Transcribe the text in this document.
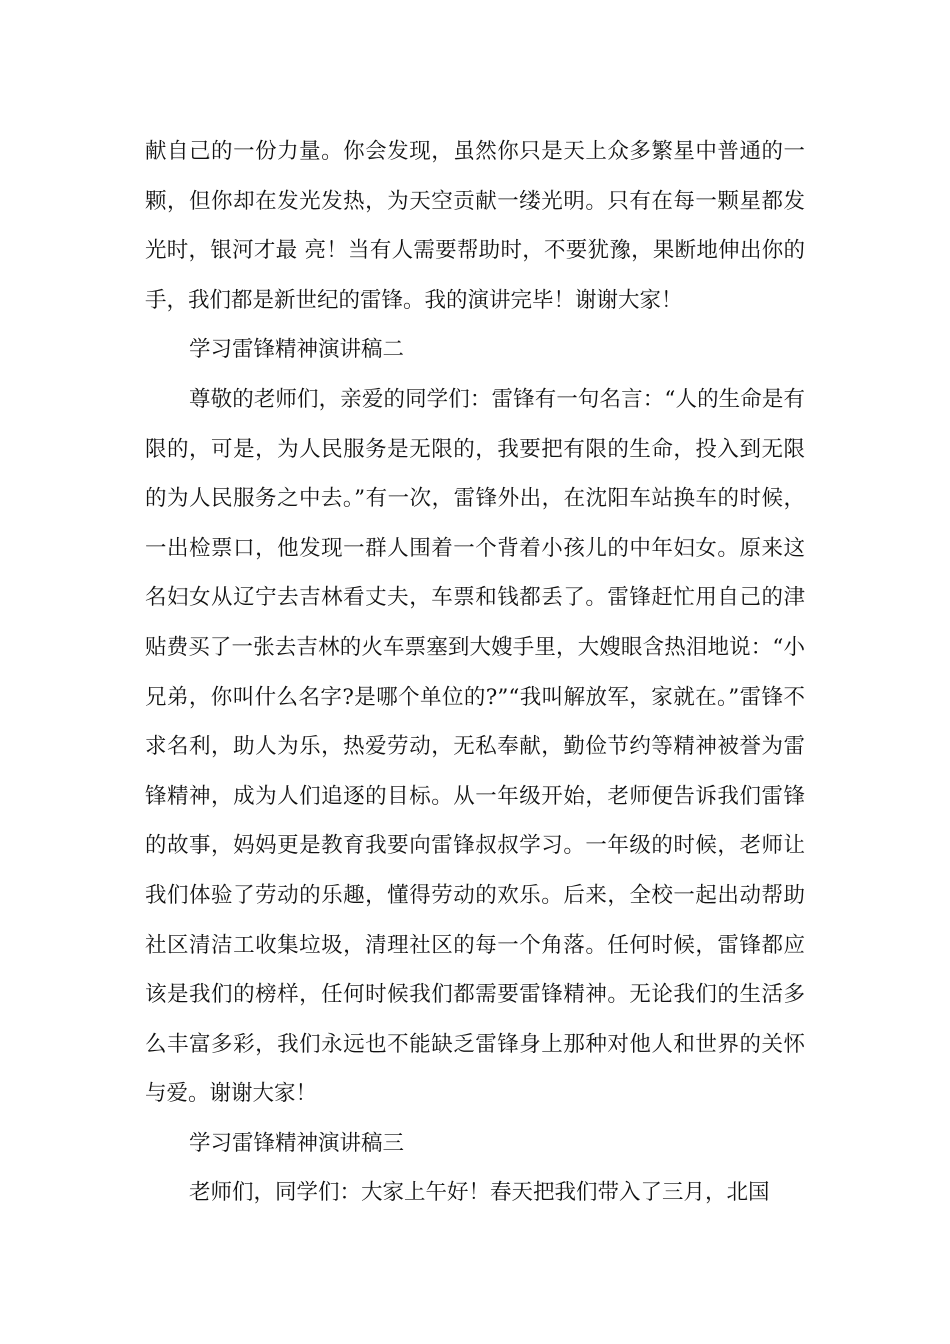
献自己的一份力量。你会发现，虽然你只是天上众多繁星中普通的一颗，但你却在发光发热，为天空贡献一缕光明。只有在每一颗星都发光时，银河才最 亮！当有人需要帮助时，不要犹豫，果断地伸出你的手，我们都是新世纪的雷锋。我的演讲完毕！谢谢大家！

学习雷锋精神演讲稿二

尊敬的老师们，亲爱的同学们：雷锋有一句名言：“人的生命是有限的，可是，为人民服务是无限的，我要把有限的生命，投入到无限的为人民服务之中去。”有一次，雷锋外出，在沈阳车站换车的时候，一出检票口，他发现一群人围着一个背着小孩儿的中年妇女。原来这名妇女从辽宁去吉林看丈夫，车票和钱都丢了。雷锋赶忙用自己的津贴费买了一张去吉林的火车票塞到大嫂手里，大嫂眼含热泪地说：“小兄弟，你叫什么名字?是哪个单位的?”“我叫解放军，家就在。”雷锋不求名利，助人为乐，热爱劳动，无私奉献，勤俭节约等精神被誉为雷锋精神，成为人们追逐的目标。从一年级开始，老师便告诉我们雷锋的故事，妈妈更是教育我要向雷锋叔叔学习。一年级的时候，老师让我们体验了劳动的乐趣，懂得劳动的欢乐。后来，全校一起出动帮助社区清洁工收集垃圾，清理社区的每一个角落。任何时候，雷锋都应该是我们的榜样，任何时候我们都需要雷锋精神。无论我们的生活多么丰富多彩，我们永远也不能缺乏雷锋身上那种对他人和世界的关怀与爱。谢谢大家！

学习雷锋精神演讲稿三

老师们，同学们：大家上午好！春天把我们带入了三月，北国
